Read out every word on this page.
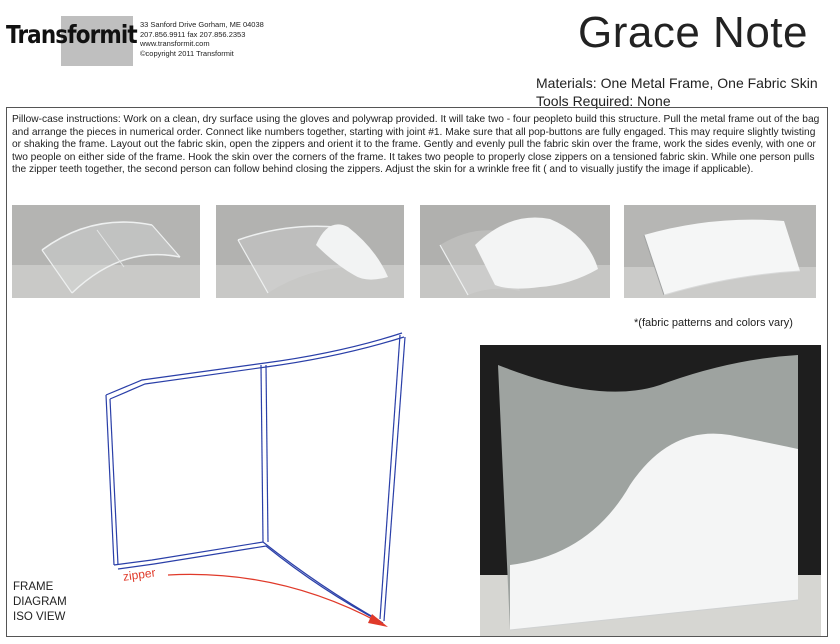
Transformit 33 Sanford Drive Gorham, ME 04038
207.856.9911 fax 207.856.2353
www.transformit.com
©copyright 2011 Transformit	Grace Note
Materials: One Metal Frame, One Fabric Skin
Tools Required: None
Pillow-case instructions: Work on a clean, dry surface using the gloves and polywrap provided. It will take two - four peopleto build this structure. Pull the metal frame out of the bag and arrange the pieces in numerical order. Connect like numbers together, starting with joint #1. Make sure that all pop-buttons are fully engaged. This may require slightly twisting or shaking the frame. Layout out the fabric skin, open the zippers and orient it to the frame. Gently and evenly pull the fabric skin over the frame, work the sides evenly, with one or two people on either side of the frame. Hook the skin over the corners of the frame. It takes two people to properly close zippers on a tensioned fabric skin. While one person pulls the zipper teeth together, the second person can follow behind closing the zippers. Adjust the skin for a wrinkle free fit ( and to visually justify the image if applicable).
*(fabric patterns and colors vary)
zipper
FRAME
DIAGRAM
ISO VIEW
